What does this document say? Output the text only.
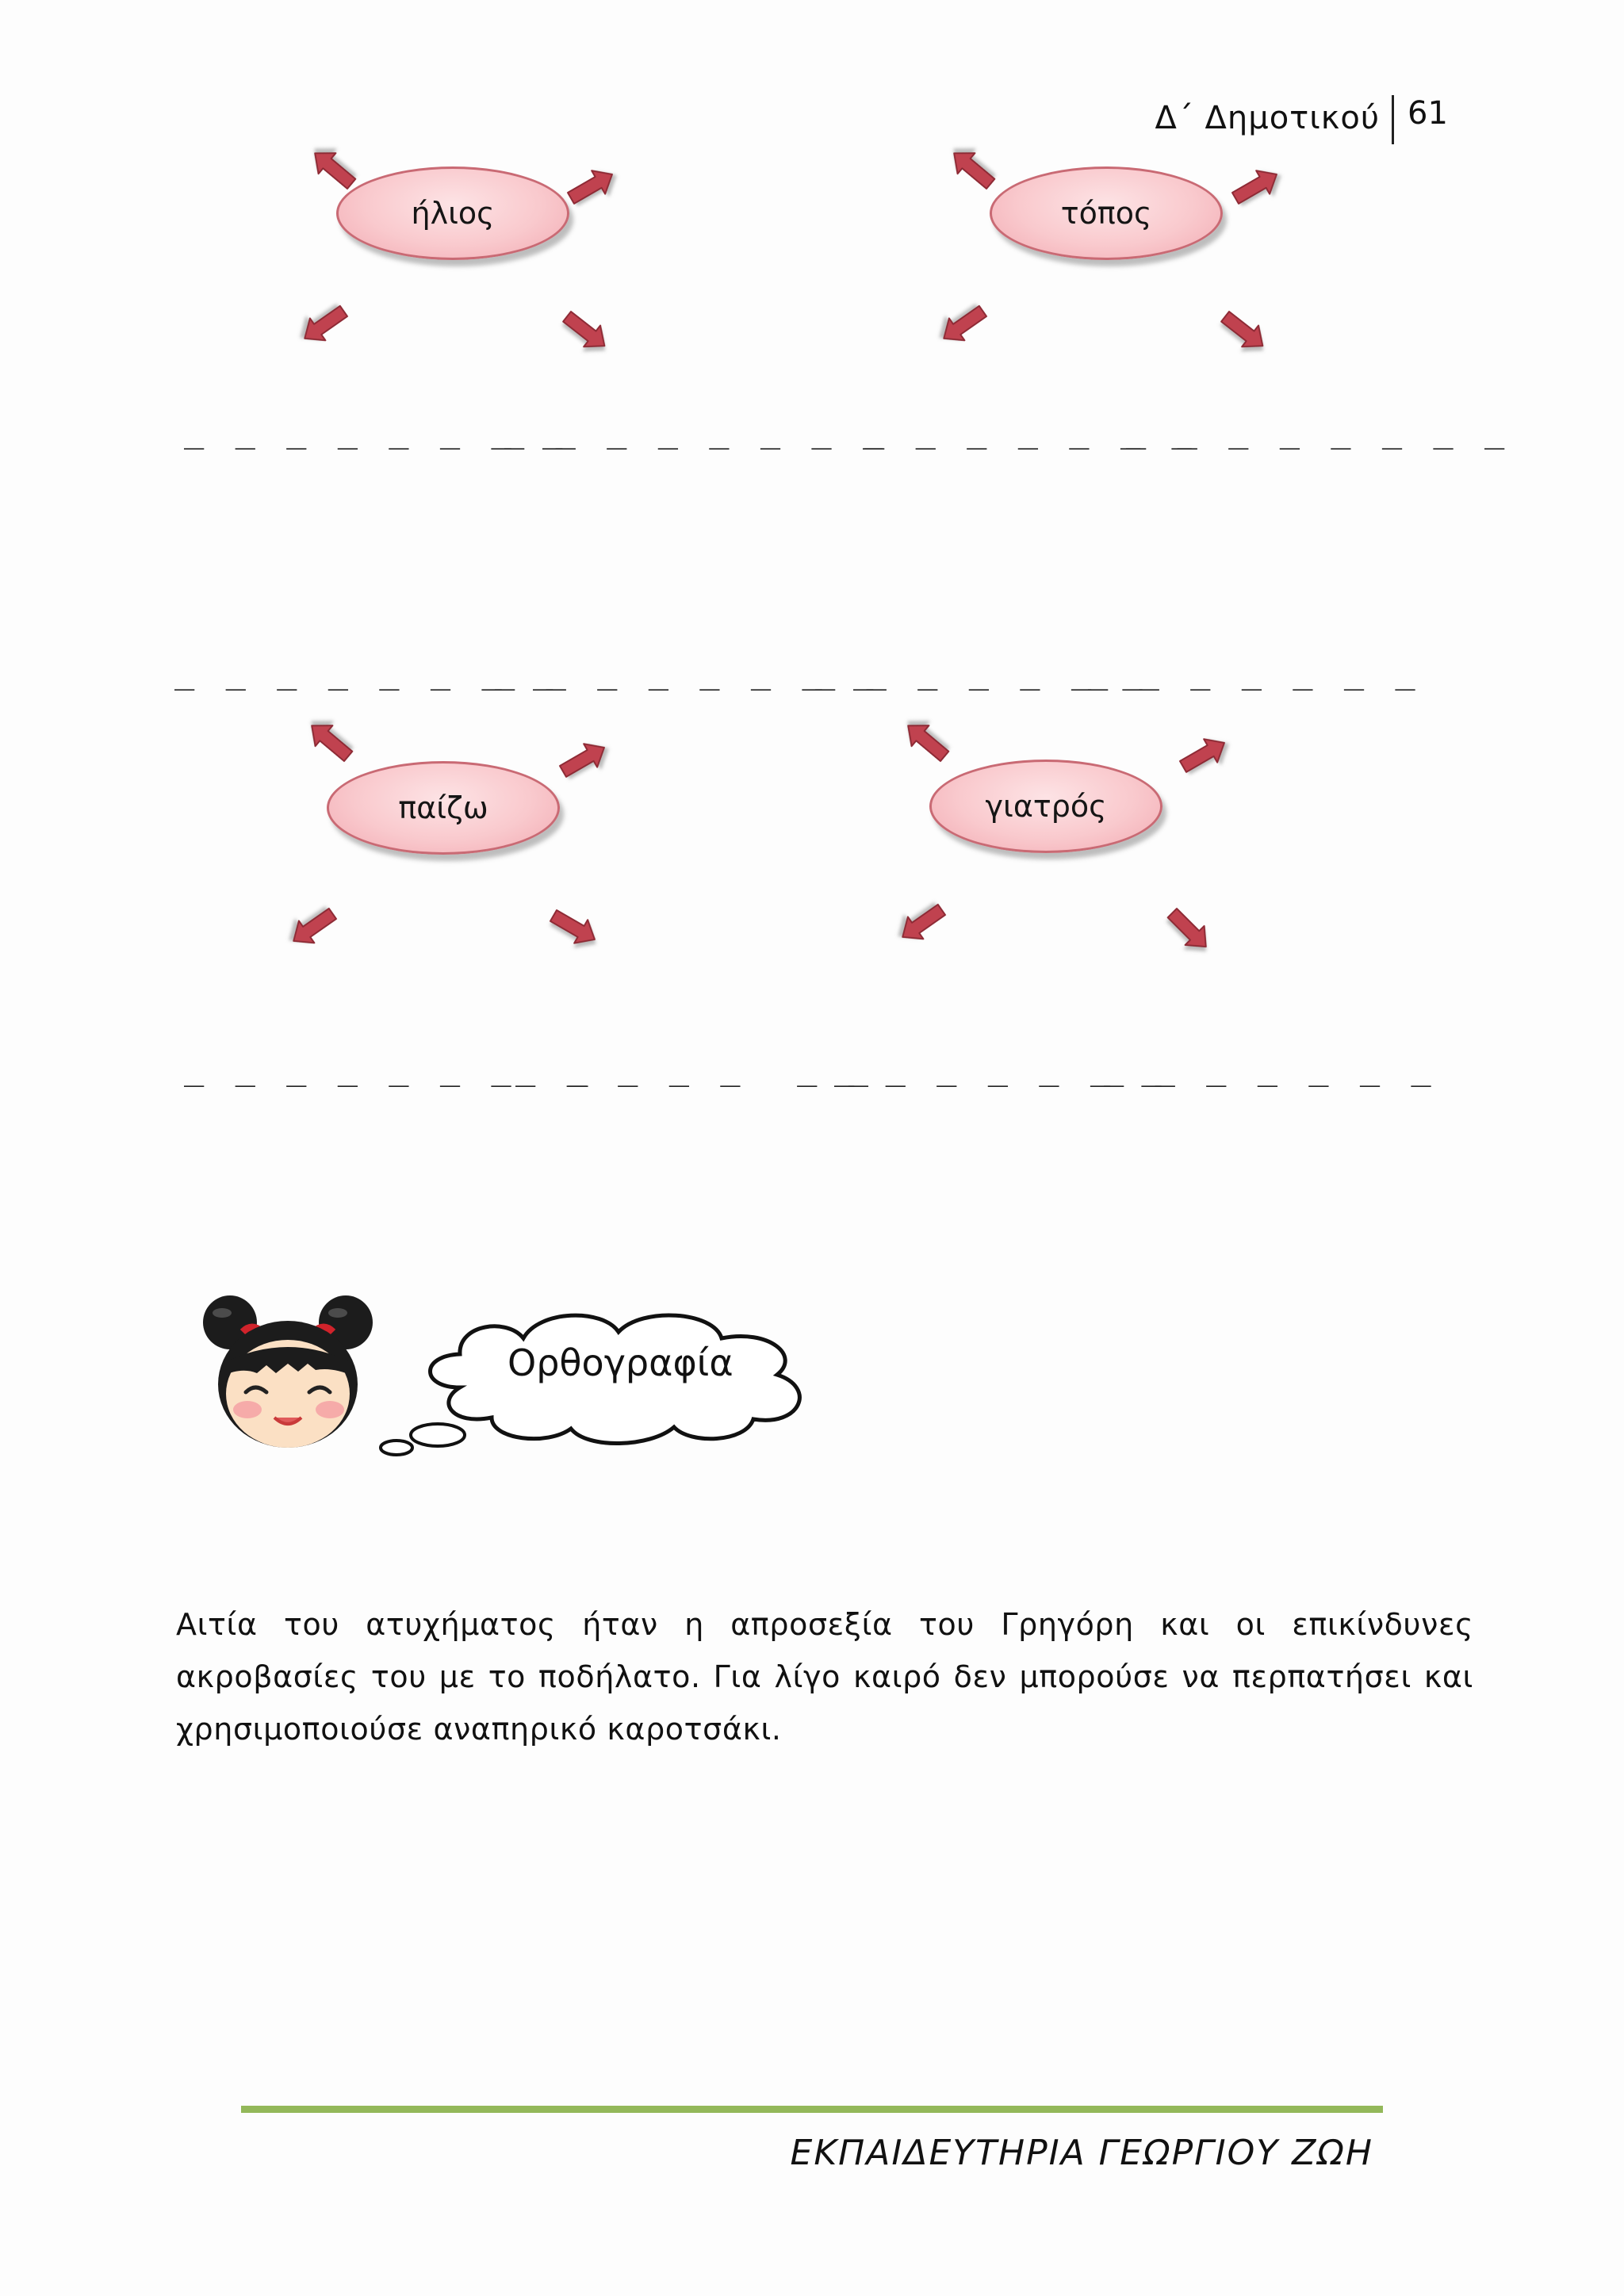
Δ΄ Δημοτικού 61
ήλιος
_ _ _ _ _ _ _ _
_ _ _ _ _ _ _ _
τόπος
_ _ _ _ _ _ _
_ _ _ _ _ _ _ _
_ _ _ _ _ _ _ _
_ _ _ _ _ _ _ _
_ _ _ _ _ _ _
_ _ _ _ _ _ _
παίζω
_ _ _ _ _ _ _  _
_ _ _ _ _  _ _
γιατρός
_ _ _ _ _ _ _
_ _ _ _ _ _ _
Ορθογραφία
Αιτία του ατυχήματος ήταν η απροσεξία του Γρηγόρη και οι επικίνδυνες ακροβασίες του με το ποδήλατο. Για λίγο καιρό δεν μπορούσε να περπατήσει και χρησιμοποιούσε αναπηρικό καροτσάκι.
ΕΚΠΑΙΔΕΥΤΗΡΙΑ ΓΕΩΡΓΙΟΥ ΖΩΗ
